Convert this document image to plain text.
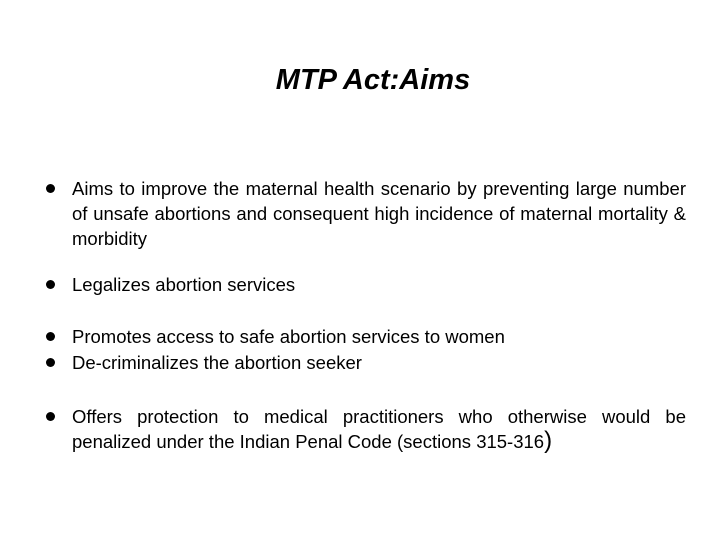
MTP Act:Aims
Aims to improve the maternal health scenario by preventing large number of unsafe abortions and consequent high incidence of maternal mortality & morbidity
Legalizes abortion services
Promotes access to safe abortion services to women
De-criminalizes the abortion seeker
Offers protection to medical practitioners who otherwise would be penalized under the Indian Penal Code (sections 315-316)
